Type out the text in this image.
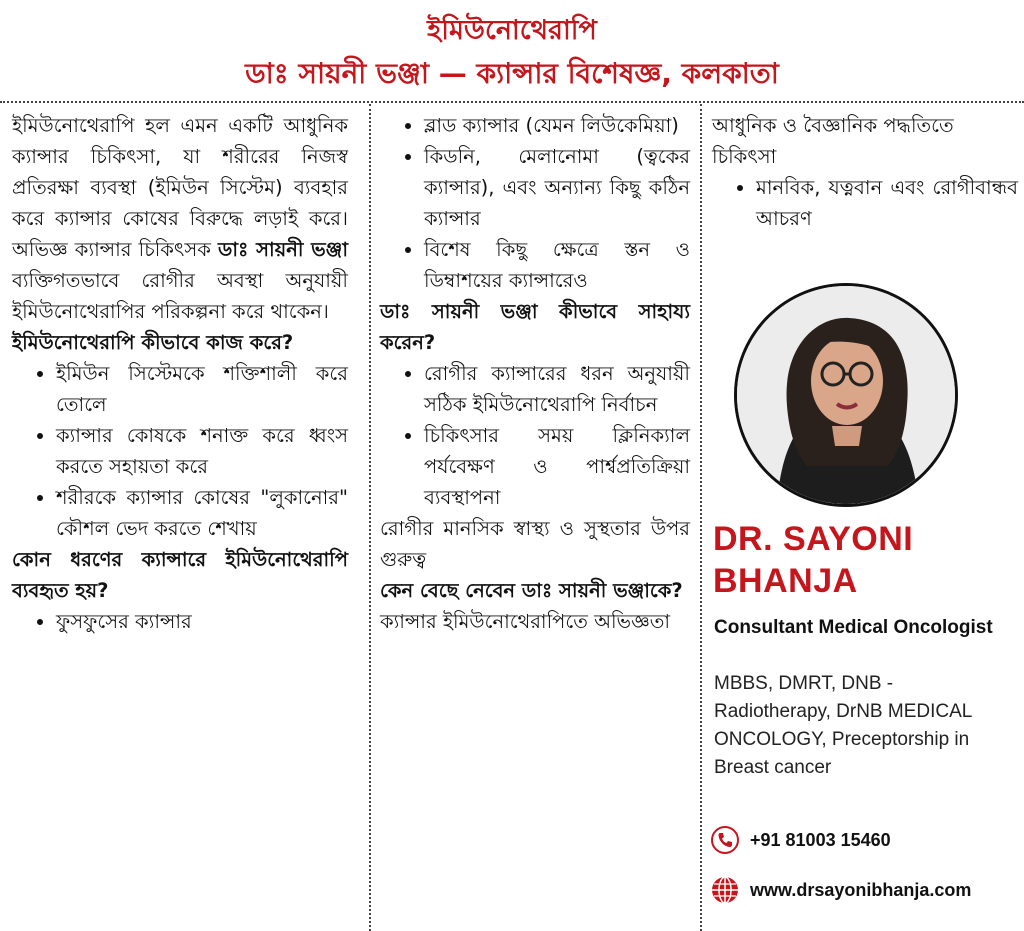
ইমিউনোথেরাপি
ডাঃ সায়নী ভঞ্জা — ক্যান্সার বিশেষজ্ঞ, কলকাতা

ইমিউনোথেরাপি হল এমন একটি আধুনিক ক্যান্সার চিকিৎসা, যা শরীরের নিজস্ব প্রতিরক্ষা ব্যবস্থা (ইমিউন সিস্টেম) ব্যবহার করে ক্যান্সার কোষের বিরুদ্ধে লড়াই করে। অভিজ্ঞ ক্যান্সার চিকিৎসক ডাঃ সায়নী ভঞ্জা ব্যক্তিগতভাবে রোগীর অবস্থা অনুযায়ী ইমিউনোথেরাপির পরিকল্পনা করে থাকেন।

ইমিউনোথেরাপি কীভাবে কাজ করে?

• ইমিউন সিস্টেমকে শক্তিশালী করে তোলে
• ক্যান্সার কোষকে শনাক্ত করে ধ্বংস করতে সহায়তা করে
• শরীরকে ক্যান্সার কোষের "লুকানোর" কৌশল ভেদ করতে শেখায়

কোন ধরণের ক্যান্সারে ইমিউনোথেরাপি ব্যবহৃত হয়?

• ফুসফুসের ক্যান্সার
• ব্লাড ক্যান্সার (যেমন লিউকেমিয়া)
• কিডনি, মেলানোমা (ত্বকের ক্যান্সার), এবং অন্যান্য কিছু কঠিন ক্যান্সার
• বিশেষ কিছু ক্ষেত্রে স্তন ও ডিম্বাশয়ের ক্যান্সারেও

ডাঃ সায়নী ভঞ্জা কীভাবে সাহায্য করেন?

• রোগীর ক্যান্সারের ধরন অনুযায়ী সঠিক ইমিউনোথেরাপি নির্বাচন
• চিকিৎসার সময় ক্লিনিক্যাল পর্যবেক্ষণ ও পার্শ্বপ্রতিক্রিয়া ব্যবস্থাপনা

রোগীর মানসিক স্বাস্থ্য ও সুস্থতার উপর গুরুত্ব

কেন বেছে নেবেন ডাঃ সায়নী ভঞ্জাকে?

ক্যান্সার ইমিউনোথেরাপিতে অভিজ্ঞতা

আধুনিক ও বৈজ্ঞানিক পদ্ধতিতে চিকিৎসা

• মানবিক, যত্নবান এবং রোগীবান্ধব আচরণ
DR. SAYONI
BHANJA
Consultant Medical Oncologist
MBBS, DMRT, DNB - Radiotherapy, DrNB MEDICAL ONCOLOGY, Preceptorship in Breast cancer
+91 81003 15460
www.drsayonibhanja.com
